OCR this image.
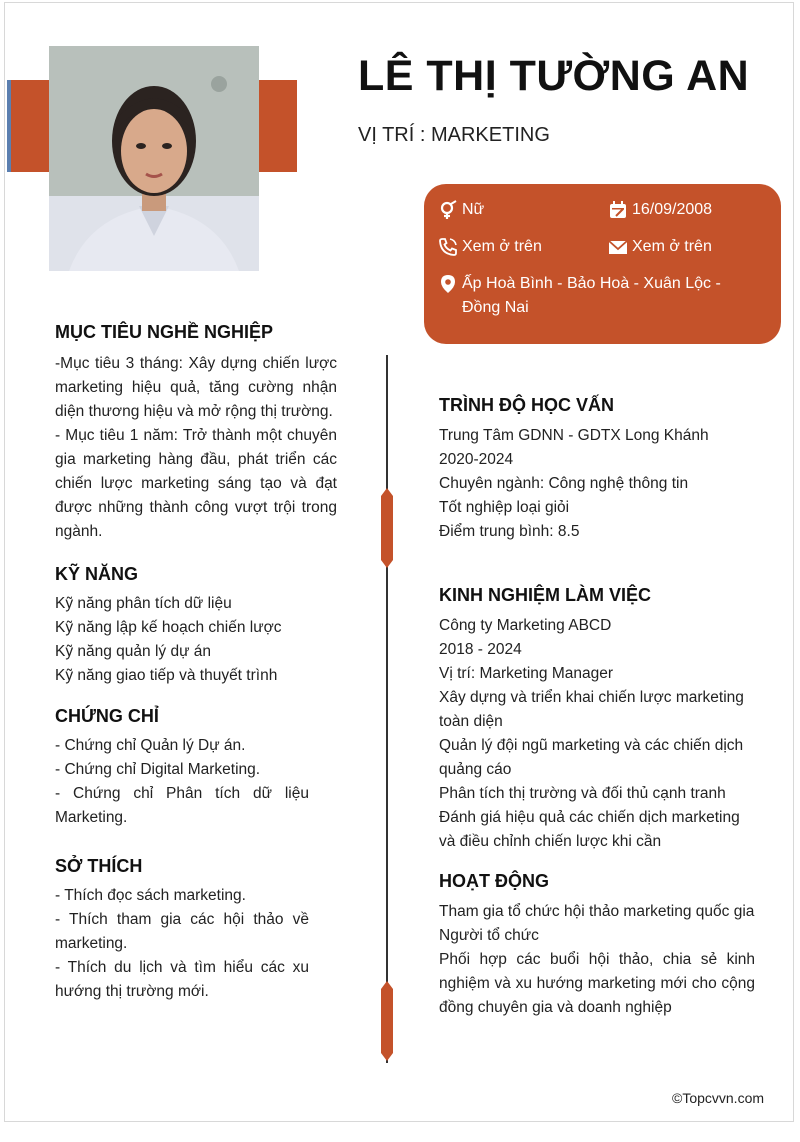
LÊ THỊ TƯỜNG AN
VỊ TRÍ : MARKETING
Nữ	16/09/2008
Xem ở trên	Xem ở trên
Ấp Hoà Bình - Bảo Hoà - Xuân Lộc - Đồng Nai
MỤC TIÊU NGHỀ NGHIỆP

-Mục tiêu 3 tháng: Xây dựng chiến lược marketing hiệu quả, tăng cường nhận diện thương hiệu và mở rộng thị trường.

- Mục tiêu 1 năm: Trở thành một chuyên gia marketing hàng đầu, phát triển các chiến lược marketing sáng tạo và đạt được những thành công vượt trội trong ngành.

KỸ NĂNG

Kỹ năng phân tích dữ liệu

Kỹ năng lập kế hoạch chiến lược

Kỹ năng quản lý dự án

Kỹ năng giao tiếp và thuyết trình

CHỨNG CHỈ

- Chứng chỉ Quản lý Dự án.

- Chứng chỉ Digital Marketing.

- Chứng chỉ Phân tích dữ liệu Marketing.

SỞ THÍCH

- Thích đọc sách marketing.

- Thích tham gia các hội thảo về marketing.

- Thích du lịch và tìm hiểu các xu hướng thị trường mới.

TRÌNH ĐỘ HỌC VẤN

Trung Tâm GDNN - GDTX Long Khánh

2020-2024

Chuyên ngành: Công nghệ thông tin

Tốt nghiệp loại giỏi

Điểm trung bình: 8.5

KINH NGHIỆM LÀM VIỆC

Công ty Marketing ABCD

2018 - 2024

Vị trí: Marketing Manager

Xây dựng và triển khai chiến lược marketing toàn diện

Quản lý đội ngũ marketing và các chiến dịch quảng cáo

Phân tích thị trường và đối thủ cạnh tranh

Đánh giá hiệu quả các chiến dịch marketing và điều chỉnh chiến lược khi cần

HOẠT ĐỘNG

Tham gia tổ chức hội thảo marketing quốc gia

Người tổ chức

Phối hợp các buổi hội thảo, chia sẻ kinh nghiệm và xu hướng marketing mới cho cộng đồng chuyên gia và doanh nghiệp

©Topcvvn.com
